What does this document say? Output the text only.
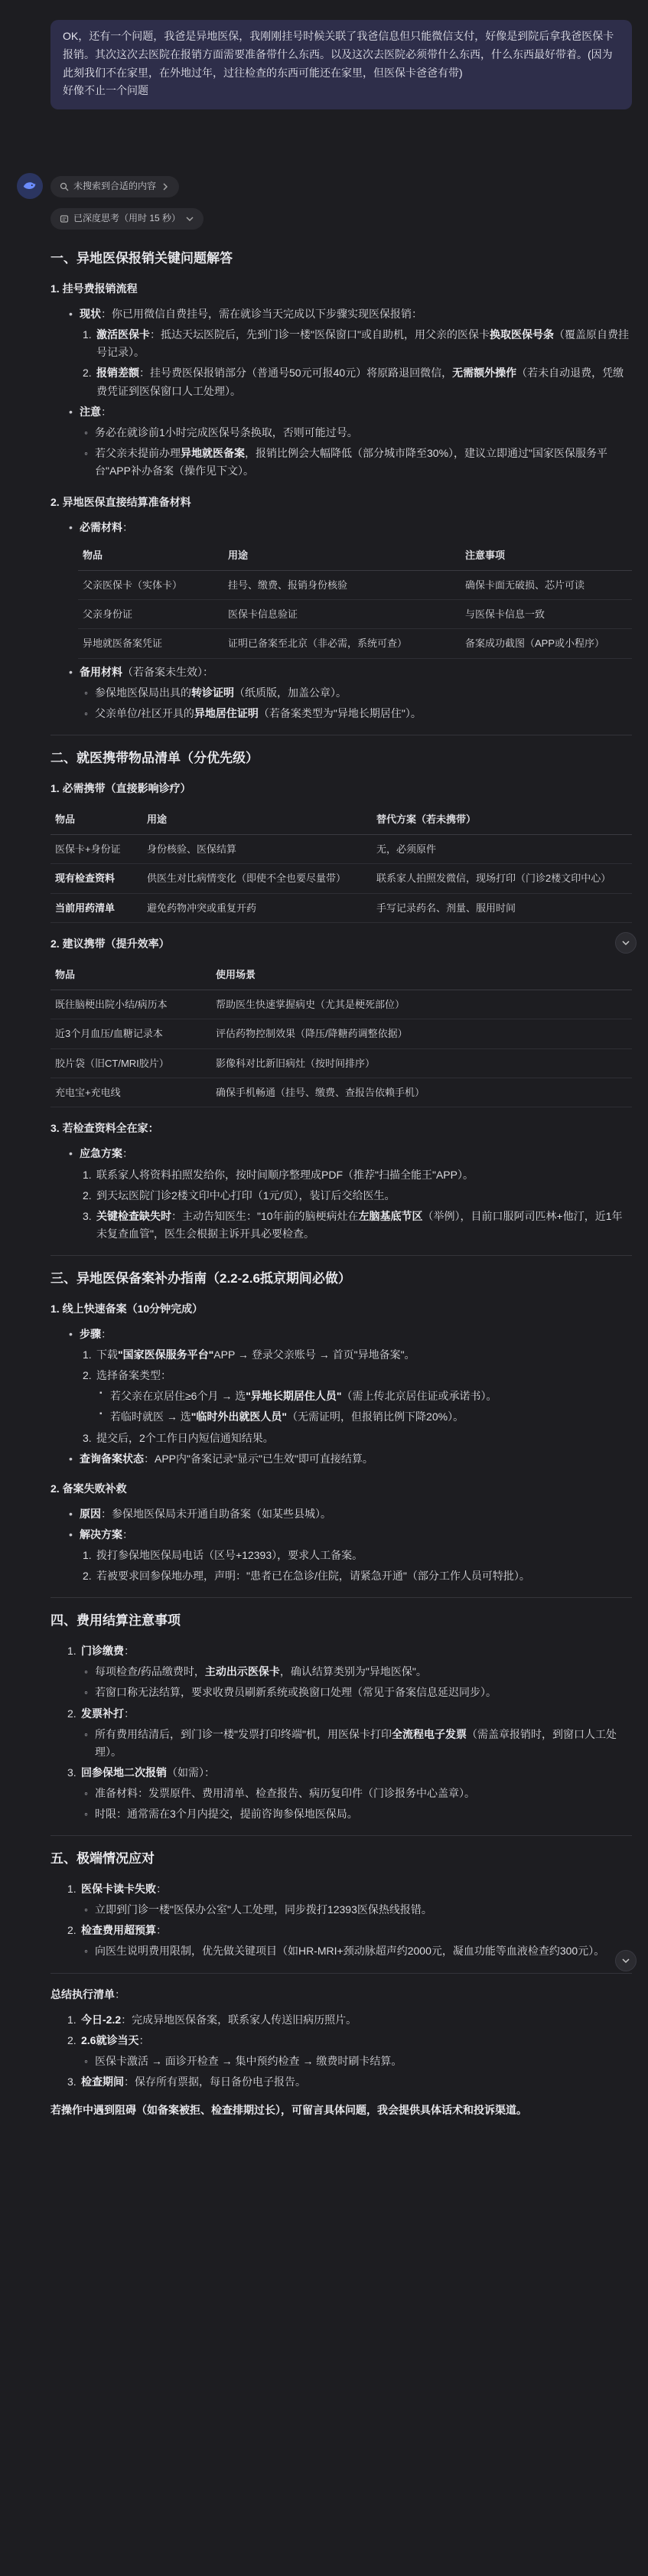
OK，还有一个问题，我爸是异地医保，我刚刚挂号时候关联了我爸信息但只能微信支付，好像是到院后拿我爸医保卡报销。其次这次去医院在报销方面需要准备带什么东西。以及这次去医院必须带什么东西，什么东西最好带着。(因为此刻我们不在家里，在外地过年，过往检查的东西可能还在家里，但医保卡爸爸有带)
好像不止一个问题
未搜索到合适的内容
已深度思考（用时 15 秒）
一、异地医保报销关键问题解答
1. 挂号费报销流程
• 现状：你已用微信自费挂号，需在就诊当天完成以下步骤实现医保报销：
1. 激活医保卡：抵达天坛医院后，先到门诊一楼"医保窗口"或自助机，用父亲的医保卡换取医保号条（覆盖原自费挂号记录）。
2. 报销差额：挂号费医保报销部分（普通号50元可报40元）将原路退回微信，无需额外操作（若未自动退费，凭缴费凭证到医保窗口人工处理）。
• 注意：
◦ 务必在就诊前1小时完成医保号条换取，否则可能过号。
◦ 若父亲未提前办理异地就医备案，报销比例会大幅降低（部分城市降至30%），建议立即通过"国家医保服务平台"APP补办备案（操作见下文）。
2. 异地医保直接结算准备材料
• 必需材料：
物品	用途	注意事项
父亲医保卡（实体卡）	挂号、缴费、报销身份核验	确保卡面无破损、芯片可读
父亲身份证	医保卡信息验证	与医保卡信息一致
异地就医备案凭证	证明已备案至北京（非必需，系统可查）	备案成功截图（APP或小程序）
• 备用材料（若备案未生效）：
◦ 参保地医保局出具的转诊证明（纸质版，加盖公章）。
◦ 父亲单位/社区开具的异地居住证明（若备案类型为"异地长期居住"）。
二、就医携带物品清单（分优先级）
1. 必需携带（直接影响诊疗）
物品	用途	替代方案（若未携带）
医保卡+身份证	身份核验、医保结算	无，必须原件
现有检查资料	供医生对比病情变化（即使不全也要尽量带）	联系家人拍照发微信，现场打印（门诊2楼文印中心）
当前用药清单	避免药物冲突或重复开药	手写记录药名、剂量、服用时间
2. 建议携带（提升效率）
物品	使用场景
既往脑梗出院小结/病历本	帮助医生快速掌握病史（尤其是梗死部位）
近3个月血压/血糖记录本	评估药物控制效果（降压/降糖药调整依据）
胶片袋（旧CT/MRI胶片）	影像科对比新旧病灶（按时间排序）
充电宝+充电线	确保手机畅通（挂号、缴费、查报告依赖手机）
3. 若检查资料全在家：
• 应急方案：
1. 联系家人将资料拍照发给你，按时间顺序整理成PDF（推荐"扫描全能王"APP）。
2. 到天坛医院门诊2楼文印中心打印（1元/页），装订后交给医生。
3. 关键检查缺失时：主动告知医生："10年前的脑梗病灶在左脑基底节区（举例），目前口服阿司匹林+他汀，近1年未复查血管"，医生会根据主诉开具必要检查。
三、异地医保备案补办指南（2.2-2.6抵京期间必做）
1. 线上快速备案（10分钟完成）
• 步骤：
1. 下载"国家医保服务平台"APP → 登录父亲账号 → 首页"异地备案"。
2. 选择备案类型：
▪ 若父亲在京居住≥6个月 → 选"异地长期居住人员"（需上传北京居住证或承诺书）。
▪ 若临时就医 → 选"临时外出就医人员"（无需证明，但报销比例下降20%）。
3. 提交后，2个工作日内短信通知结果。
• 查询备案状态：APP内"备案记录"显示"已生效"即可直接结算。
2. 备案失败补救
• 原因：参保地医保局未开通自助备案（如某些县城）。
• 解决方案：
1. 拨打参保地医保局电话（区号+12393），要求人工备案。
2. 若被要求回参保地办理，声明："患者已在急诊/住院，请紧急开通"（部分工作人员可特批）。
四、费用结算注意事项
1. 门诊缴费：
◦ 每项检查/药品缴费时，主动出示医保卡，确认结算类别为"异地医保"。
◦ 若窗口称无法结算，要求收费员刷新系统或换窗口处理（常见于备案信息延迟同步）。
2. 发票补打：
◦ 所有费用结清后，到门诊一楼"发票打印终端"机，用医保卡打印全流程电子发票（需盖章报销时，到窗口人工处理）。
3. 回参保地二次报销（如需）：
◦ 准备材料：发票原件、费用清单、检查报告、病历复印件（门诊报务中心盖章）。
◦ 时限：通常需在3个月内提交，提前咨询参保地医保局。
五、极端情况应对
1. 医保卡读卡失败：
◦ 立即到门诊一楼"医保办公室"人工处理，同步拨打12393医保热线报错。
2. 检查费用超预算：
◦ 向医生说明费用限制，优先做关键项目（如HR-MRI+颈动脉超声约2000元，凝血功能等血液检查约300元）。
总结执行清单：
1. 今日-2.2：完成异地医保备案，联系家人传送旧病历照片。
2. 2.6就诊当天：
◦ 医保卡激活 → 面诊开检查 → 集中预约检查 → 缴费时刷卡结算。
3. 检查期间：保存所有票据，每日备份电子报告。
若操作中遇到阻碍（如备案被拒、检查排期过长），可留言具体问题，我会提供具体话术和投诉渠道。
